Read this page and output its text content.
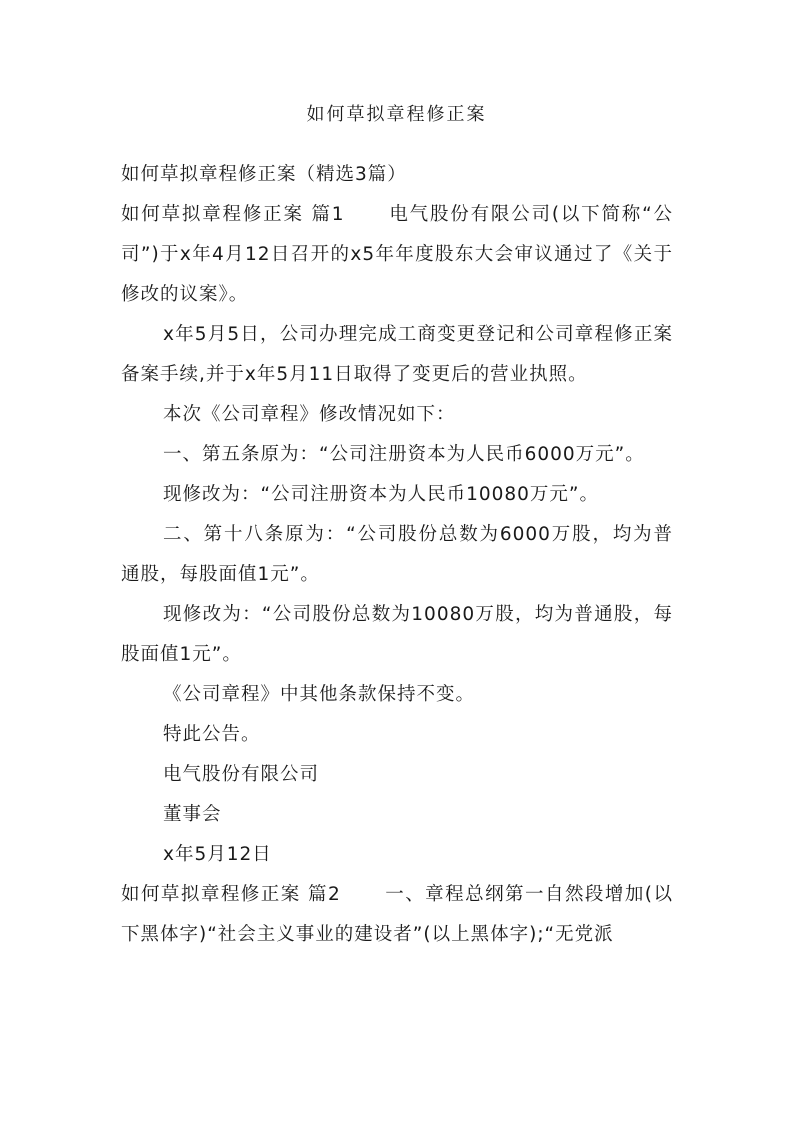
如何草拟章程修正案

如何草拟章程修正案（精选3篇）

如何草拟章程修正案 篇1 电气股份有限公司(以下简称“公司”)于x年4月12日召开的x5年年度股东大会审议通过了《关于修改的议案》。

x年5月5日，公司办理完成工商变更登记和公司章程修正案备案手续,并于x年5月11日取得了变更后的营业执照。

本次《公司章程》修改情况如下：

一、第五条原为：“公司注册资本为人民币6000万元”。

现修改为：“公司注册资本为人民币10080万元”。

二、第十八条原为：“公司股份总数为6000万股，均为普通股，每股面值1元”。

现修改为：“公司股份总数为10080万股，均为普通股，每股面值1元”。

《公司章程》中其他条款保持不变。

特此公告。

电气股份有限公司

董事会

x年5月12日

如何草拟章程修正案 篇2 一、章程总纲第一自然段增加(以下黑体字)“社会主义事业的建设者”(以上黑体字);“无党派
